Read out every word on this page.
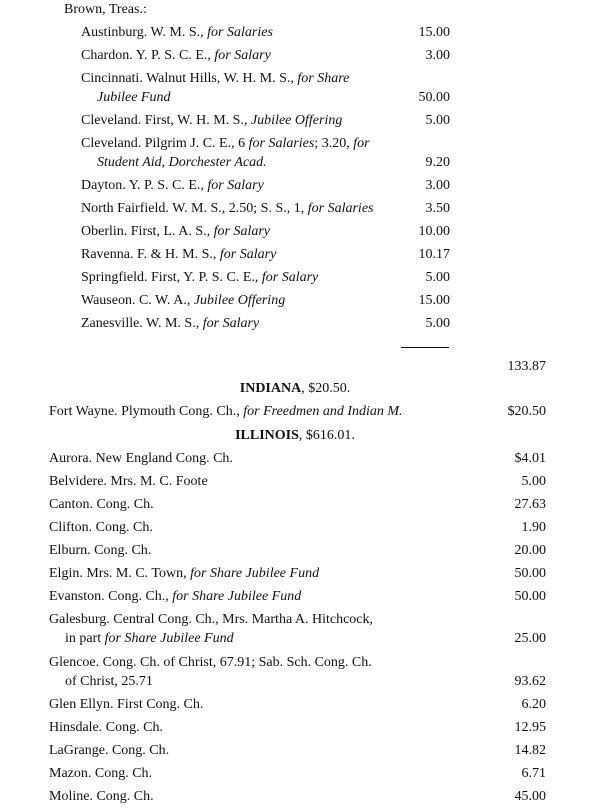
Brown, Treas.:
Austinburg. W. M. S., for Salaries	15.00
Chardon. Y. P. S. C. E., for Salary	3.00
Cincinnati. Walnut Hills, W. H. M. S., for Share
Jubilee Fund	50.00
Cleveland. First, W. H. M. S., Jubilee Offering	5.00
Cleveland. Pilgrim J. C. E., 6 for Salaries; 3.20, for
Student Aid, Dorchester Acad.	9.20
Dayton. Y. P. S. C. E., for Salary	3.00
North Fairfield. W. M. S., 2.50; S. S., 1, for Salaries	3.50
Oberlin. First, L. A. S., for Salary	10.00
Ravenna. F. & H. M. S., for Salary	10.17
Springfield. First, Y. P. S. C. E., for Salary	5.00
Wauseon. C. W. A., Jubilee Offering	15.00
Zanesville. W. M. S., for Salary	5.00
133.87
INDIANA, $20.50.
Fort Wayne. Plymouth Cong. Ch., for Freedmen and Indian M.	$20.50
ILLINOIS, $616.01.
Aurora. New England Cong. Ch.	$4.01
Belvidere. Mrs. M. C. Foote	5.00
Canton. Cong. Ch.	27.63
Clifton. Cong. Ch.	1.90
Elburn. Cong. Ch.	20.00
Elgin. Mrs. M. C. Town, for Share Jubilee Fund	50.00
Evanston. Cong. Ch., for Share Jubilee Fund	50.00
Galesburg. Central Cong. Ch., Mrs. Martha A. Hitchcock,
in part for Share Jubilee Fund	25.00
Glencoe. Cong. Ch. of Christ, 67.91; Sab. Sch. Cong. Ch.
of Christ, 25.71	93.62
Glen Ellyn. First Cong. Ch.	6.20
Hinsdale. Cong. Ch.	12.95
LaGrange. Cong. Ch.	14.82
Mazon. Cong. Ch.	6.71
Moline. Cong. Ch.	45.00
